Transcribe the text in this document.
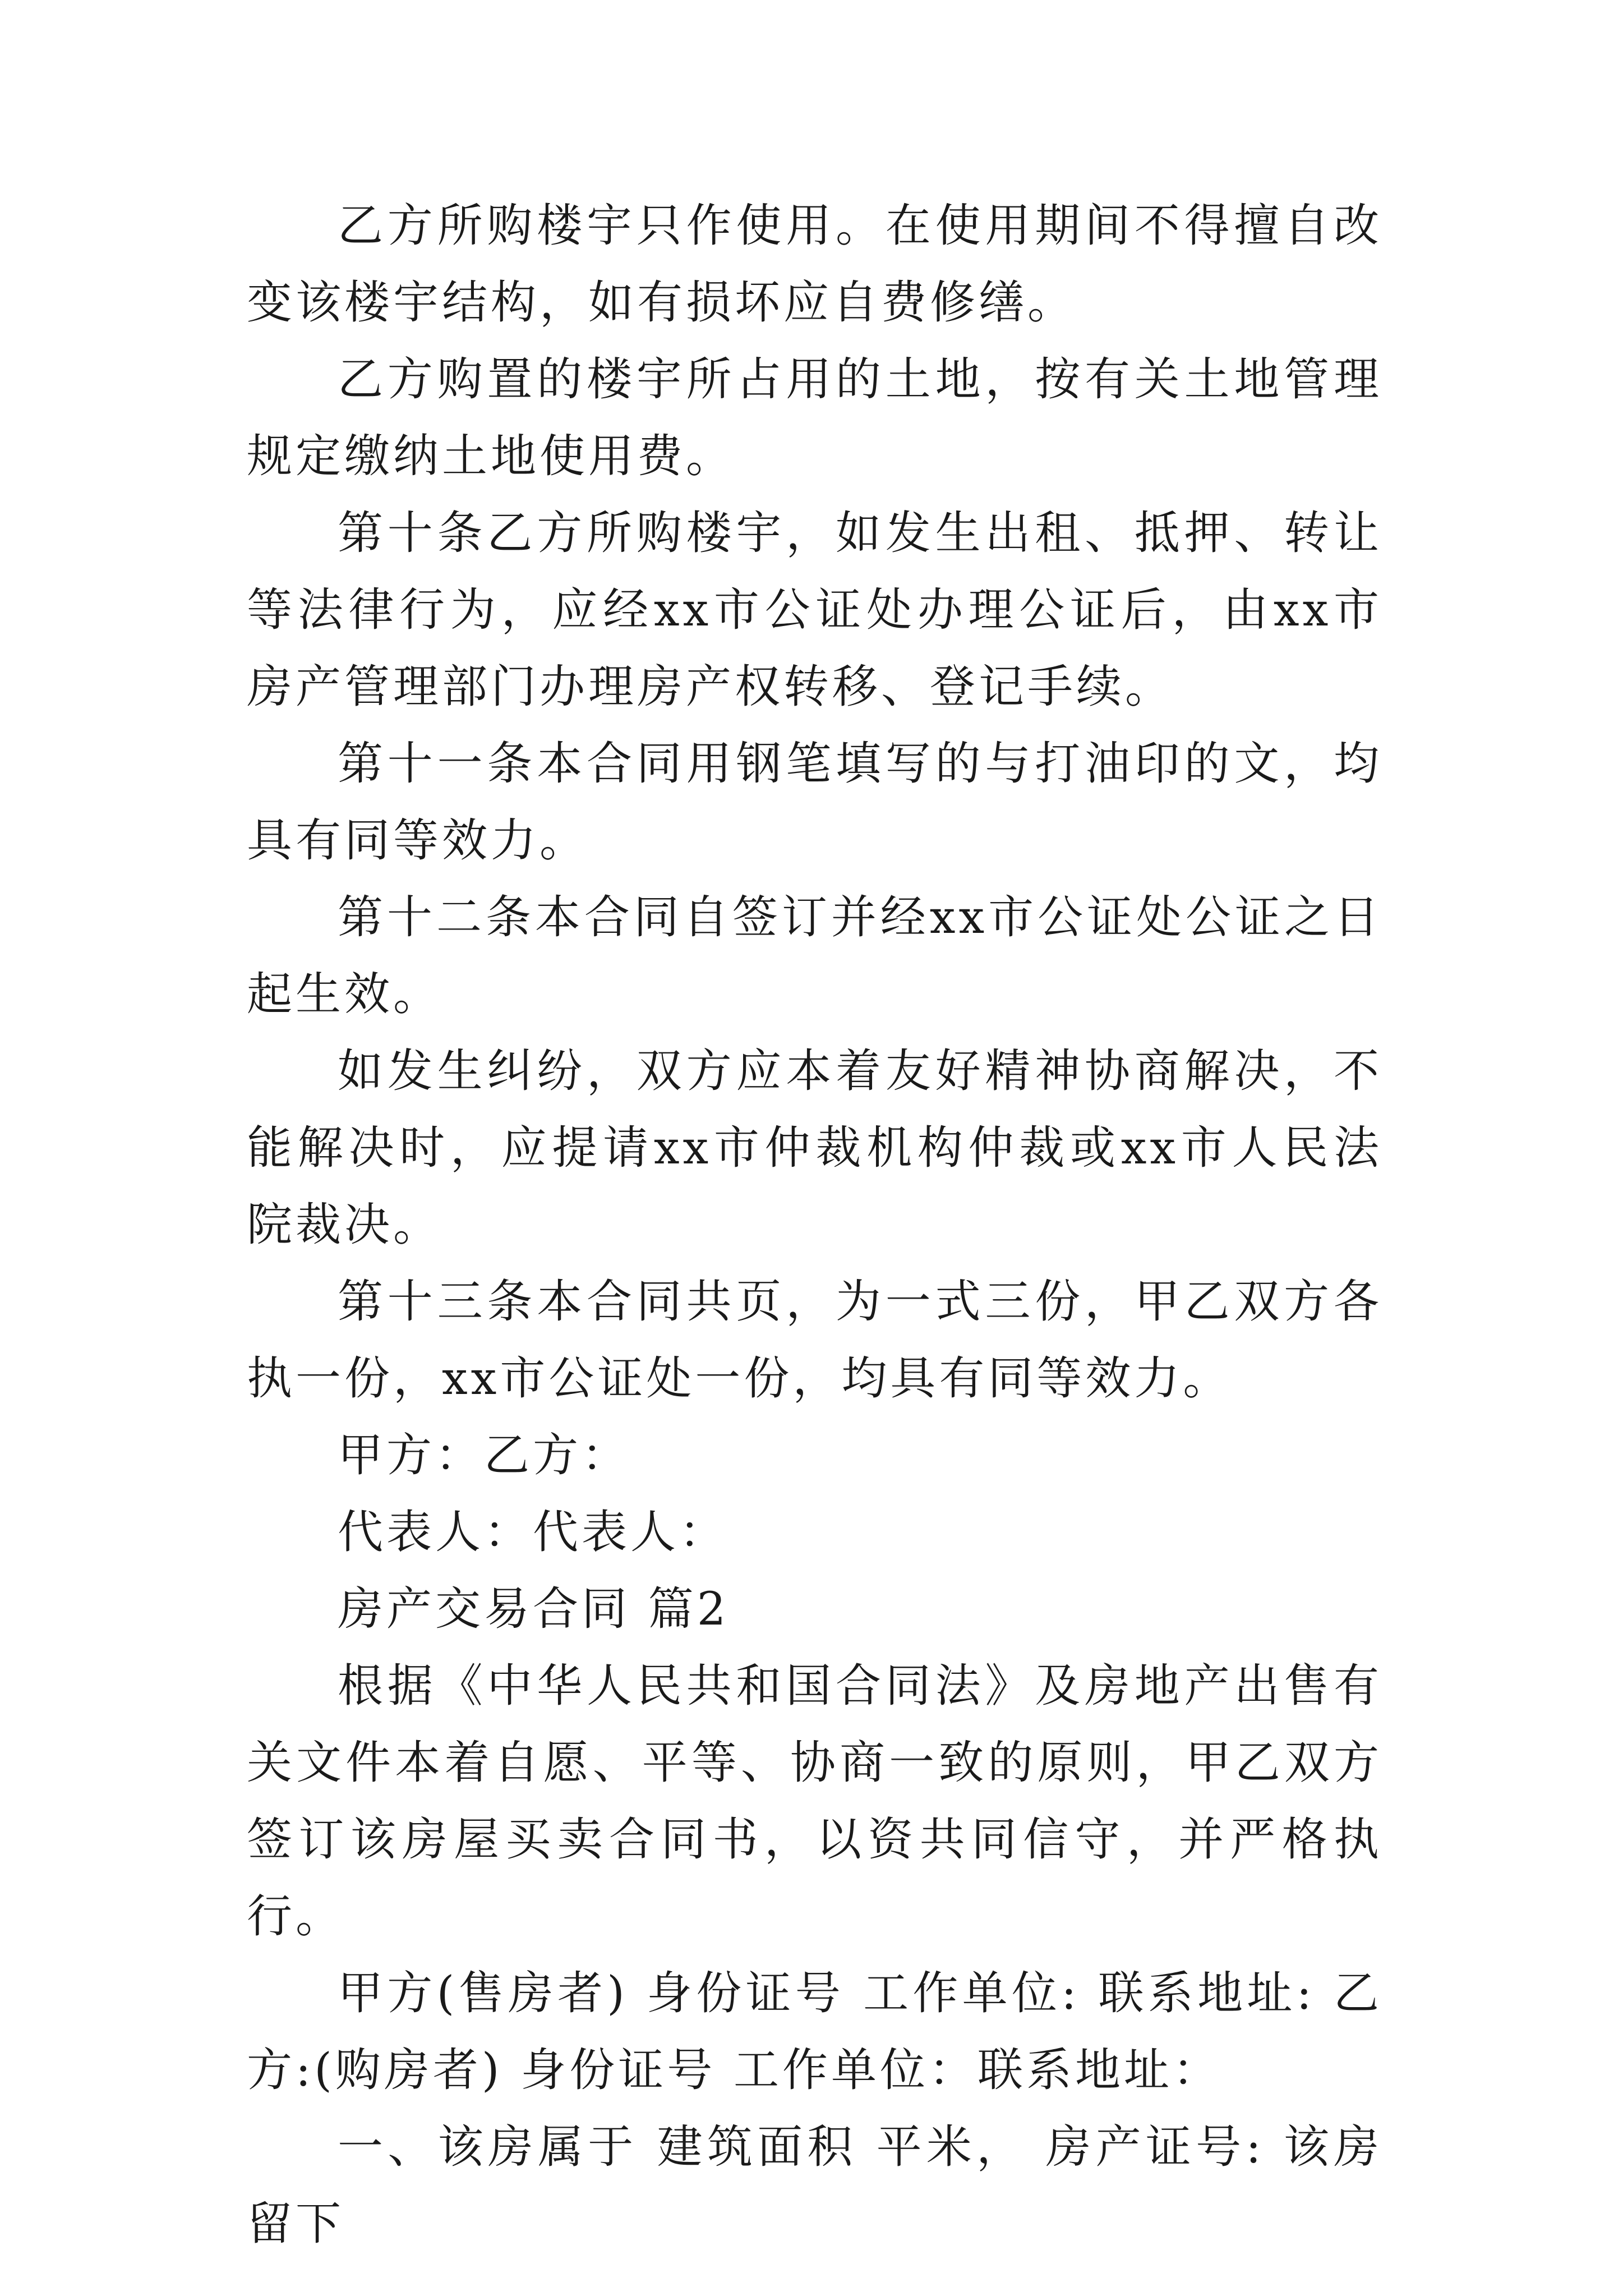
乙方所购楼宇只作使用。在使用期间不得擅自改变该楼宇结构，如有损坏应自费修缮。

乙方购置的楼宇所占用的土地，按有关土地管理规定缴纳土地使用费。

第十条乙方所购楼宇，如发生出租、抵押、转让等法律行为，应经xx市公证处办理公证后，由xx市房产管理部门办理房产权转移、登记手续。

第十一条本合同用钢笔填写的与打油印的文，均具有同等效力。

第十二条本合同自签订并经xx市公证处公证之日起生效。

如发生纠纷，双方应本着友好精神协商解决，不能解决时，应提请xx市仲裁机构仲裁或xx市人民法院裁决。

第十三条本合同共页，为一式三份，甲乙双方各执一份，xx市公证处一份，均具有同等效力。

甲方：乙方：

代表人：代表人：

房产交易合同 篇2

根据《中华人民共和国合同法》及房地产出售有关文件本着自愿、平等、协商一致的原则，甲乙双方签订该房屋买卖合同书，以资共同信守，并严格执行。

甲方(售房者) 身份证号 工作单位: 联系地址: 乙方:(购房者) 身份证号 工作单位：联系地址：

一、该房属于 建筑面积 平米， 房产证号: 该房留下
